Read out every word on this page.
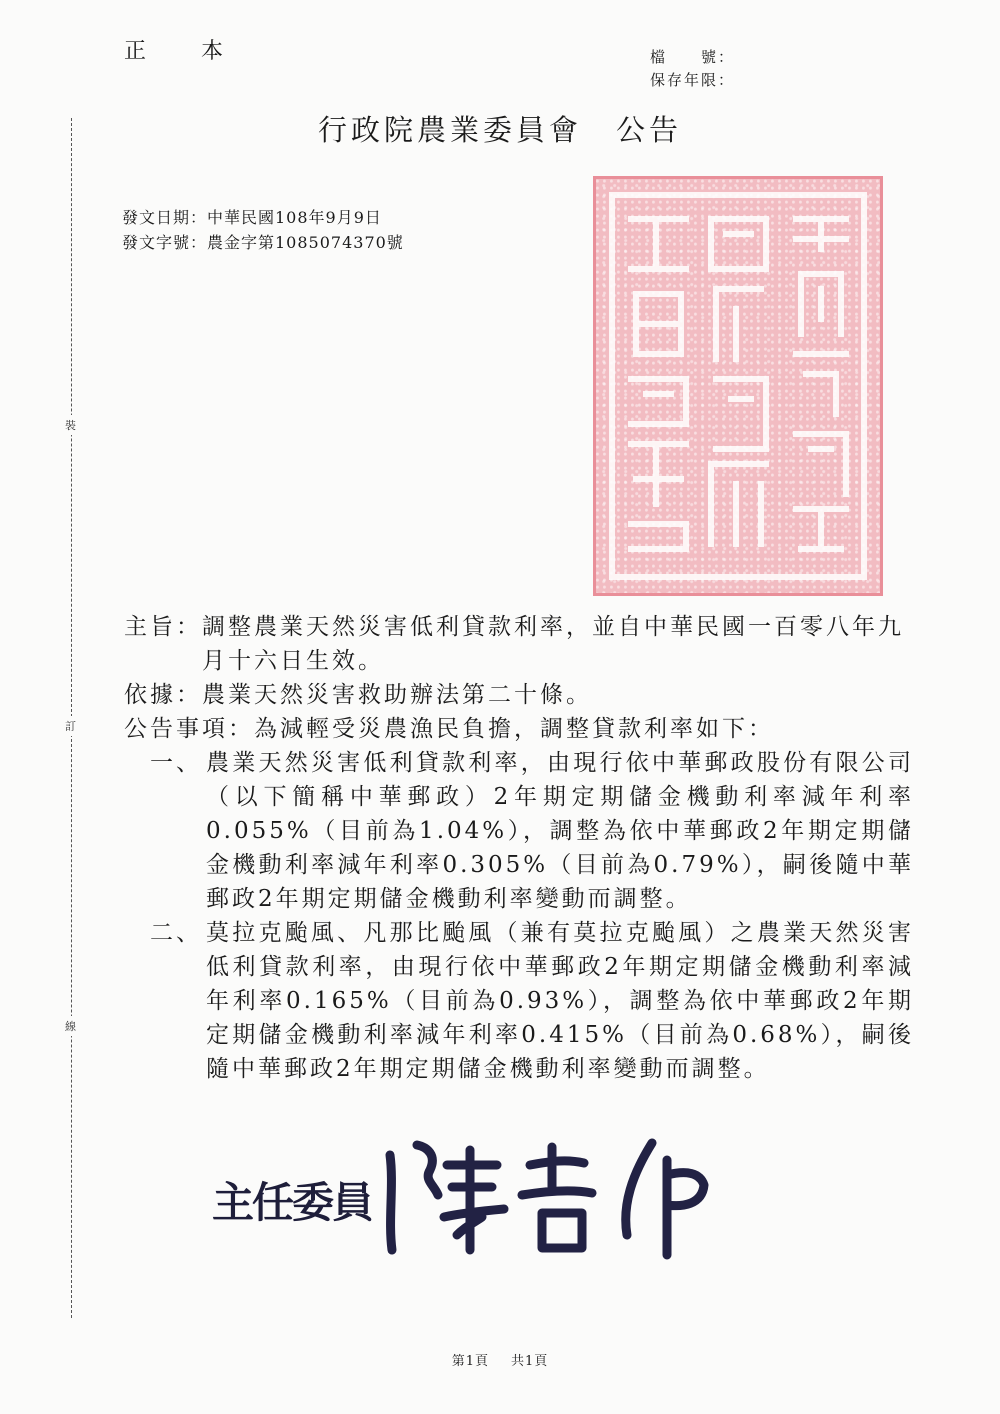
正 本	檔　　號：
保存年限：
行政院農業委員會 公告
發文日期：中華民國108年9月9日
發文字號：農金字第1085074370號
裝
訂
線
主旨： 調整農業天然災害低利貸款利率，並自中華民國一百零八年九月十六日生效。
依據： 農業天然災害救助辦法第二十條。
公告事項： 為減輕受災農漁民負擔，調整貸款利率如下：
一、 農業天然災害低利貸款利率，由現行依中華郵政股份有限公司（以下簡稱中華郵政）2年期定期儲金機動利率減年利率0.055%（目前為1.04%），調整為依中華郵政2年期定期儲金機動利率減年利率0.305%（目前為0.79%），嗣後隨中華郵政2年期定期儲金機動利率變動而調整。
二、 莫拉克颱風、凡那比颱風（兼有莫拉克颱風）之農業天然災害低利貸款利率，由現行依中華郵政2年期定期儲金機動利率減年利率0.165%（目前為0.93%），調整為依中華郵政2年期定期儲金機動利率減年利率0.415%（目前為0.68%），嗣後隨中華郵政2年期定期儲金機動利率變動而調整。
主任委員
第1頁 共1頁
